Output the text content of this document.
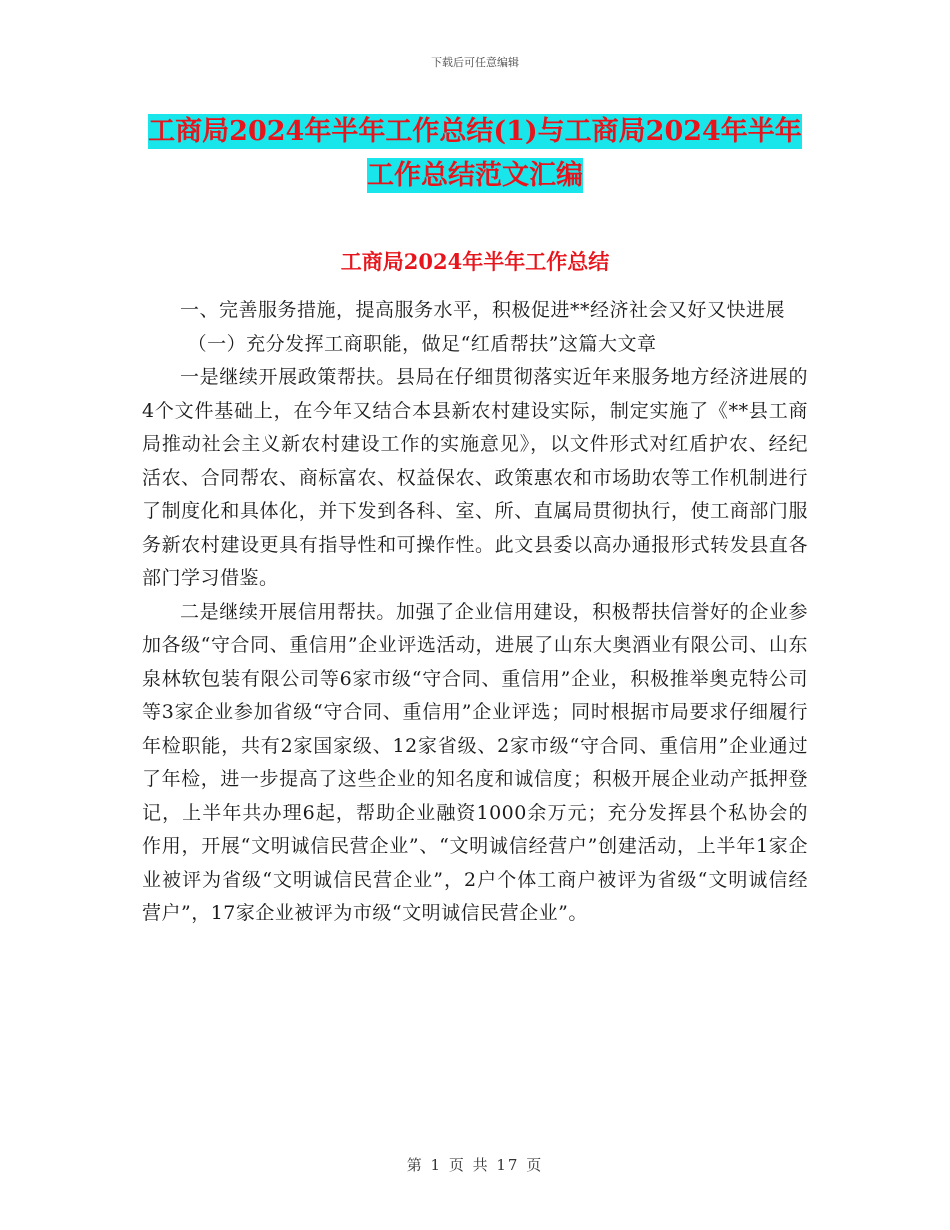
下载后可任意编辑
工商局2024年半年工作总结(1)与工商局2024年半年
工作总结范文汇编
工商局2024年半年工作总结

一、完善服务措施，提高服务水平，积极促进**经济社会又好又快进展

（一）充分发挥工商职能，做足“红盾帮扶”这篇大文章

一是继续开展政策帮扶。县局在仔细贯彻落实近年来服务地方经济进展的4个文件基础上，在今年又结合本县新农村建设实际，制定实施了《**县工商局推动社会主义新农村建设工作的实施意见》，以文件形式对红盾护农、经纪活农、合同帮农、商标富农、权益保农、政策惠农和市场助农等工作机制进行了制度化和具体化，并下发到各科、室、所、直属局贯彻执行，使工商部门服务新农村建设更具有指导性和可操作性。此文县委以高办通报形式转发县直各部门学习借鉴。

二是继续开展信用帮扶。加强了企业信用建设，积极帮扶信誉好的企业参加各级“守合同、重信用”企业评选活动，进展了山东大奥酒业有限公司、山东泉林软包装有限公司等6家市级“守合同、重信用”企业，积极推举奥克特公司等3家企业参加省级“守合同、重信用”企业评选；同时根据市局要求仔细履行年检职能，共有2家国家级、12家省级、2家市级“守合同、重信用”企业通过了年检，进一步提高了这些企业的知名度和诚信度；积极开展企业动产抵押登记，上半年共办理6起，帮助企业融资1000余万元；充分发挥县个私协会的作用，开展“文明诚信民营企业”、“文明诚信经营户”创建活动，上半年1家企业被评为省级“文明诚信民营企业”，2户个体工商户被评为省级“文明诚信经营户”，17家企业被评为市级“文明诚信民营企业”。

第 1 页 共 17 页
